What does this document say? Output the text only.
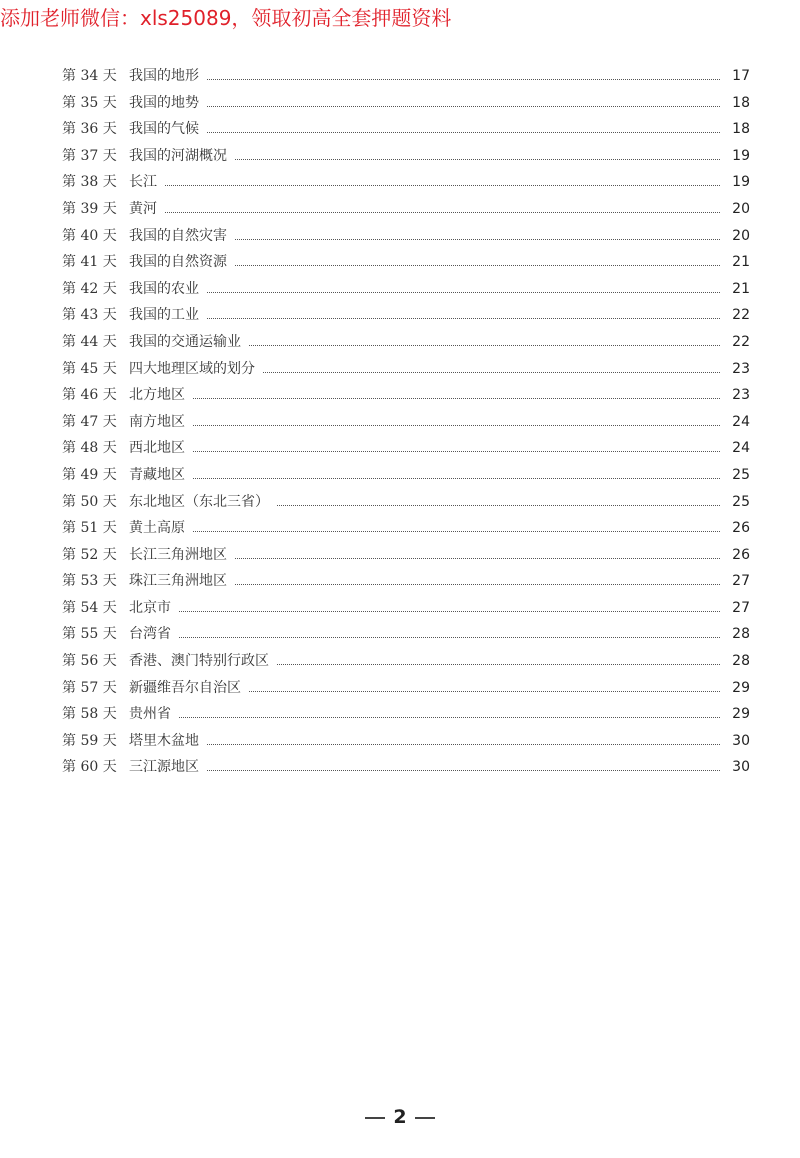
添加老师微信：xls25089，领取初高全套押题资料
第 34 天 我国的地形	17
第 35 天 我国的地势	18
第 36 天 我国的气候	18
第 37 天 我国的河湖概况	19
第 38 天 长江	19
第 39 天 黄河	20
第 40 天 我国的自然灾害	20
第 41 天 我国的自然资源	21
第 42 天 我国的农业	21
第 43 天 我国的工业	22
第 44 天 我国的交通运输业	22
第 45 天 四大地理区域的划分	23
第 46 天 北方地区	23
第 47 天 南方地区	24
第 48 天 西北地区	24
第 49 天 青藏地区	25
第 50 天 东北地区（东北三省）	25
第 51 天 黄土高原	26
第 52 天 长江三角洲地区	26
第 53 天 珠江三角洲地区	27
第 54 天 北京市	27
第 55 天 台湾省	28
第 56 天 香港、澳门特别行政区	28
第 57 天 新疆维吾尔自治区	29
第 58 天 贵州省	29
第 59 天 塔里木盆地	30
第 60 天 三江源地区	30
2
